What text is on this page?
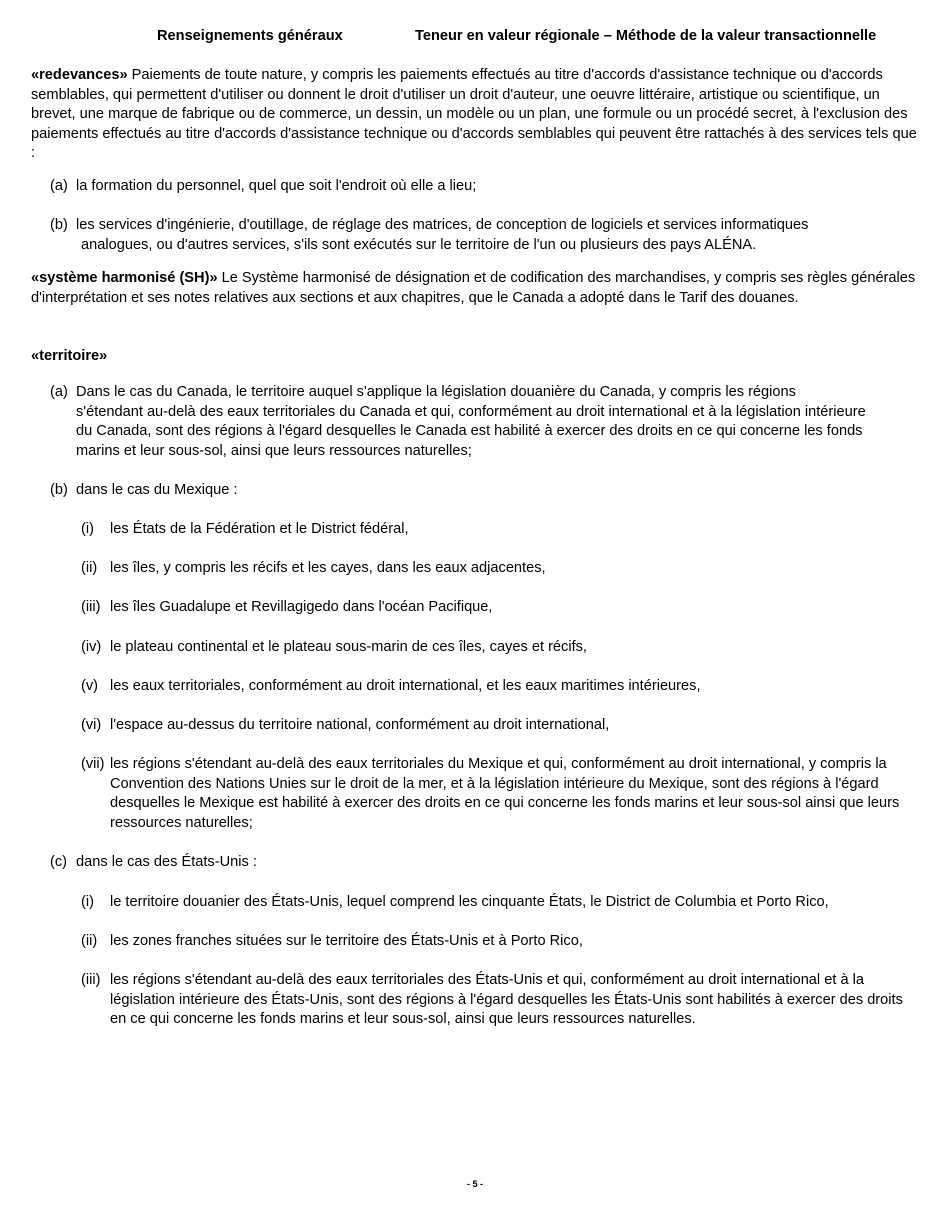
Renseignements généraux	Teneur en valeur régionale – Méthode de la valeur transactionnelle
«redevances» Paiements de toute nature, y compris les paiements effectués au titre d'accords d'assistance technique ou d'accords semblables, qui permettent d'utiliser ou donnent le droit d'utiliser un droit d'auteur, une oeuvre littéraire, artistique ou scientifique, un brevet, une marque de fabrique ou de commerce, un dessin, un modèle ou un plan, une formule ou un procédé secret, à l'exclusion des paiements effectués au titre d'accords d'assistance technique ou d'accords semblables qui peuvent être rattachés à des services tels que :
(a) la formation du personnel, quel que soit l'endroit où elle a lieu;
(b) les services d'ingénierie, d'outillage, de réglage des matrices, de conception de logiciels et services informatiques
analogues, ou d'autres services, s'ils sont exécutés sur le territoire de l'un ou plusieurs des pays ALÉNA.
«système harmonisé (SH)» Le Système harmonisé de désignation et de codification des marchandises, y compris ses règles générales d'interprétation et ses notes relatives aux sections et aux chapitres, que le Canada a adopté dans le Tarif des douanes.
«territoire»
(a) Dans le cas du Canada, le territoire auquel s'applique la législation douanière du Canada, y compris les régions
s'étendant au-delà des eaux territoriales du Canada et qui, conformément au droit international et à la législation intérieure du Canada, sont des régions à l'égard desquelles le Canada est habilité à exercer des droits en ce qui concerne les fonds marins et leur sous-sol, ainsi que leurs ressources naturelles;
(b) dans le cas du Mexique :
(i) les États de la Fédération et le District fédéral,
(ii) les îles, y compris les récifs et les cayes, dans les eaux adjacentes,
(iii) les îles Guadalupe et Revillagigedo dans l'océan Pacifique,
(iv) le plateau continental et le plateau sous-marin de ces îles, cayes et récifs,
(v) les eaux territoriales, conformément au droit international, et les eaux maritimes intérieures,
(vi) l'espace au-dessus du territoire national, conformément au droit international,
(vii) les régions s'étendant au-delà des eaux territoriales du Mexique et qui, conformément au droit international, y compris la Convention des Nations Unies sur le droit de la mer, et à la législation intérieure du Mexique, sont des régions à l'égard desquelles le Mexique est habilité à exercer des droits en ce qui concerne les fonds marins et leur sous-sol ainsi que leurs ressources naturelles;
(c) dans le cas des États-Unis :
(i) le territoire douanier des États-Unis, lequel comprend les cinquante États, le District de Columbia et Porto Rico,
(ii) les zones franches situées sur le territoire des États-Unis et à Porto Rico,
(iii) les régions s'étendant au-delà des eaux territoriales des États-Unis et qui, conformément au droit international et à la législation intérieure des États-Unis, sont des régions à l'égard desquelles les États-Unis sont habilités à exercer des droits en ce qui concerne les fonds marins et leur sous-sol, ainsi que leurs ressources naturelles.
- 5 -
